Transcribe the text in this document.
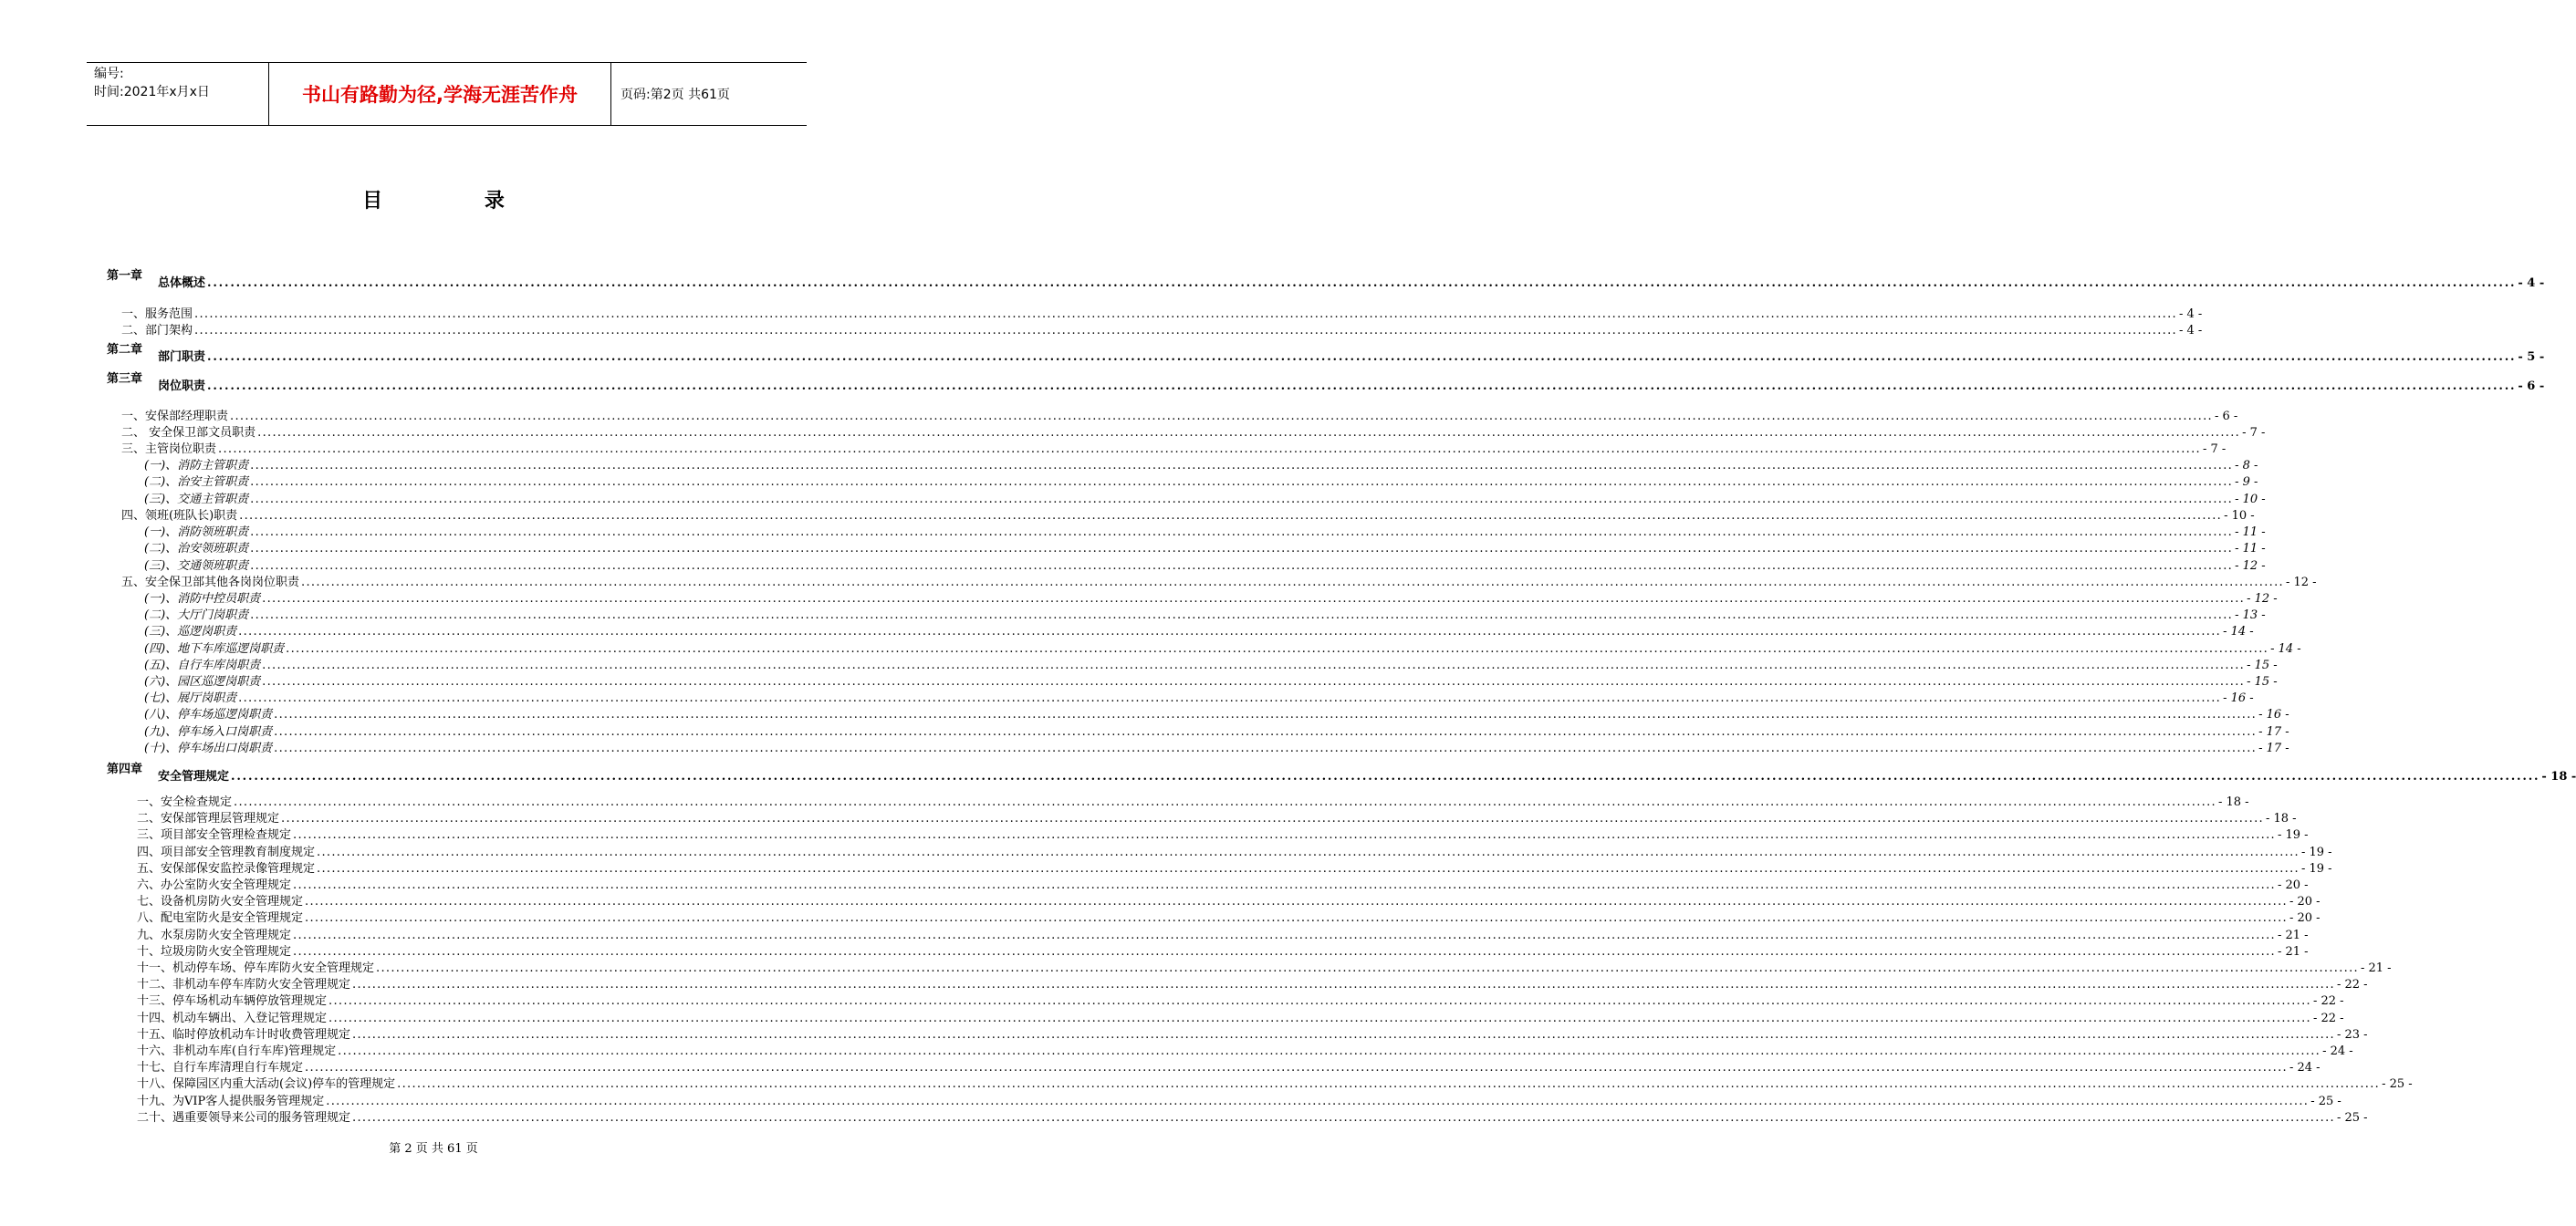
编号:
时间:2021年x月x日	书山有路勤为径,学海无涯苦作舟	页码:第2页 共61页
目 录
第一章总体概述 ................................................................................................................................................................................................................................................................................................................................................................................................................ - 4 -
一、服务范围 ................................................................................................................................................................................................................................................................................................................................................................................................................ - 4 -
二、部门架构 ................................................................................................................................................................................................................................................................................................................................................................................................................ - 4 -
第二章部门职责 ................................................................................................................................................................................................................................................................................................................................................................................................................ - 5 -
第三章岗位职责 ................................................................................................................................................................................................................................................................................................................................................................................................................ - 6 -
一、安保部经理职责 ................................................................................................................................................................................................................................................................................................................................................................................................................ - 6 -
二、 安全保卫部文员职责 ................................................................................................................................................................................................................................................................................................................................................................................................................ - 7 -
三、主管岗位职责 ................................................................................................................................................................................................................................................................................................................................................................................................................ - 7 -
(一)、消防主管职责 ................................................................................................................................................................................................................................................................................................................................................................................................................ - 8 -
(二)、治安主管职责 ................................................................................................................................................................................................................................................................................................................................................................................................................ - 9 -
(三)、交通主管职责 ................................................................................................................................................................................................................................................................................................................................................................................................................ - 10 -
四、领班(班队长)职责 ................................................................................................................................................................................................................................................................................................................................................................................................................ - 10 -
(一)、消防领班职责 ................................................................................................................................................................................................................................................................................................................................................................................................................ - 11 -
(二)、治安领班职责 ................................................................................................................................................................................................................................................................................................................................................................................................................ - 11 -
(三)、交通领班职责 ................................................................................................................................................................................................................................................................................................................................................................................................................ - 12 -
五、安全保卫部其他各岗岗位职责 ................................................................................................................................................................................................................................................................................................................................................................................................................ - 12 -
(一)、消防中控员职责 ................................................................................................................................................................................................................................................................................................................................................................................................................ - 12 -
(二)、大厅门岗职责 ................................................................................................................................................................................................................................................................................................................................................................................................................ - 13 -
(三)、巡逻岗职责 ................................................................................................................................................................................................................................................................................................................................................................................................................ - 14 -
(四)、地下车库巡逻岗职责 ................................................................................................................................................................................................................................................................................................................................................................................................................ - 14 -
(五)、自行车库岗职责 ................................................................................................................................................................................................................................................................................................................................................................................................................ - 15 -
(六)、园区巡逻岗职责 ................................................................................................................................................................................................................................................................................................................................................................................................................ - 15 -
(七)、展厅岗职责 ................................................................................................................................................................................................................................................................................................................................................................................................................ - 16 -
(八)、停车场巡逻岗职责 ................................................................................................................................................................................................................................................................................................................................................................................................................ - 16 -
(九)、停车场入口岗职责 ................................................................................................................................................................................................................................................................................................................................................................................................................ - 17 -
(十)、停车场出口岗职责 ................................................................................................................................................................................................................................................................................................................................................................................................................ - 17 -
第四章安全管理规定 ................................................................................................................................................................................................................................................................................................................................................................................................................ - 18 -
一、安全检查规定 ................................................................................................................................................................................................................................................................................................................................................................................................................ - 18 -
二、安保部管理层管理规定 ................................................................................................................................................................................................................................................................................................................................................................................................................ - 18 -
三、项目部安全管理检查规定 ................................................................................................................................................................................................................................................................................................................................................................................................................ - 19 -
四、项目部安全管理教育制度规定 ................................................................................................................................................................................................................................................................................................................................................................................................................ - 19 -
五、安保部保安监控录像管理规定 ................................................................................................................................................................................................................................................................................................................................................................................................................ - 19 -
六、办公室防火安全管理规定 ................................................................................................................................................................................................................................................................................................................................................................................................................ - 20 -
七、设备机房防火安全管理规定 ................................................................................................................................................................................................................................................................................................................................................................................................................ - 20 -
八、配电室防火是安全管理规定 ................................................................................................................................................................................................................................................................................................................................................................................................................ - 20 -
九、水泵房防火安全管理规定 ................................................................................................................................................................................................................................................................................................................................................................................................................ - 21 -
十、垃圾房防火安全管理规定 ................................................................................................................................................................................................................................................................................................................................................................................................................ - 21 -
十一、机动停车场、停车库防火安全管理规定 ................................................................................................................................................................................................................................................................................................................................................................................................................ - 21 -
十二、非机动车停车库防火安全管理规定 ................................................................................................................................................................................................................................................................................................................................................................................................................ - 22 -
十三、停车场机动车辆停放管理规定 ................................................................................................................................................................................................................................................................................................................................................................................................................ - 22 -
十四、机动车辆出、入登记管理规定 ................................................................................................................................................................................................................................................................................................................................................................................................................ - 22 -
十五、临时停放机动车计时收费管理规定 ................................................................................................................................................................................................................................................................................................................................................................................................................ - 23 -
十六、非机动车库(自行车库)管理规定 ................................................................................................................................................................................................................................................................................................................................................................................................................ - 24 -
十七、自行车库清理自行车规定 ................................................................................................................................................................................................................................................................................................................................................................................................................ - 24 -
十八、保障园区内重大活动(会议)停车的管理规定 ................................................................................................................................................................................................................................................................................................................................................................................................................ - 25 -
十九、为VIP客人提供服务管理规定 ................................................................................................................................................................................................................................................................................................................................................................................................................ - 25 -
二十、遇重要领导来公司的服务管理规定 ................................................................................................................................................................................................................................................................................................................................................................................................................ - 25 -
第 2 页 共 61 页
